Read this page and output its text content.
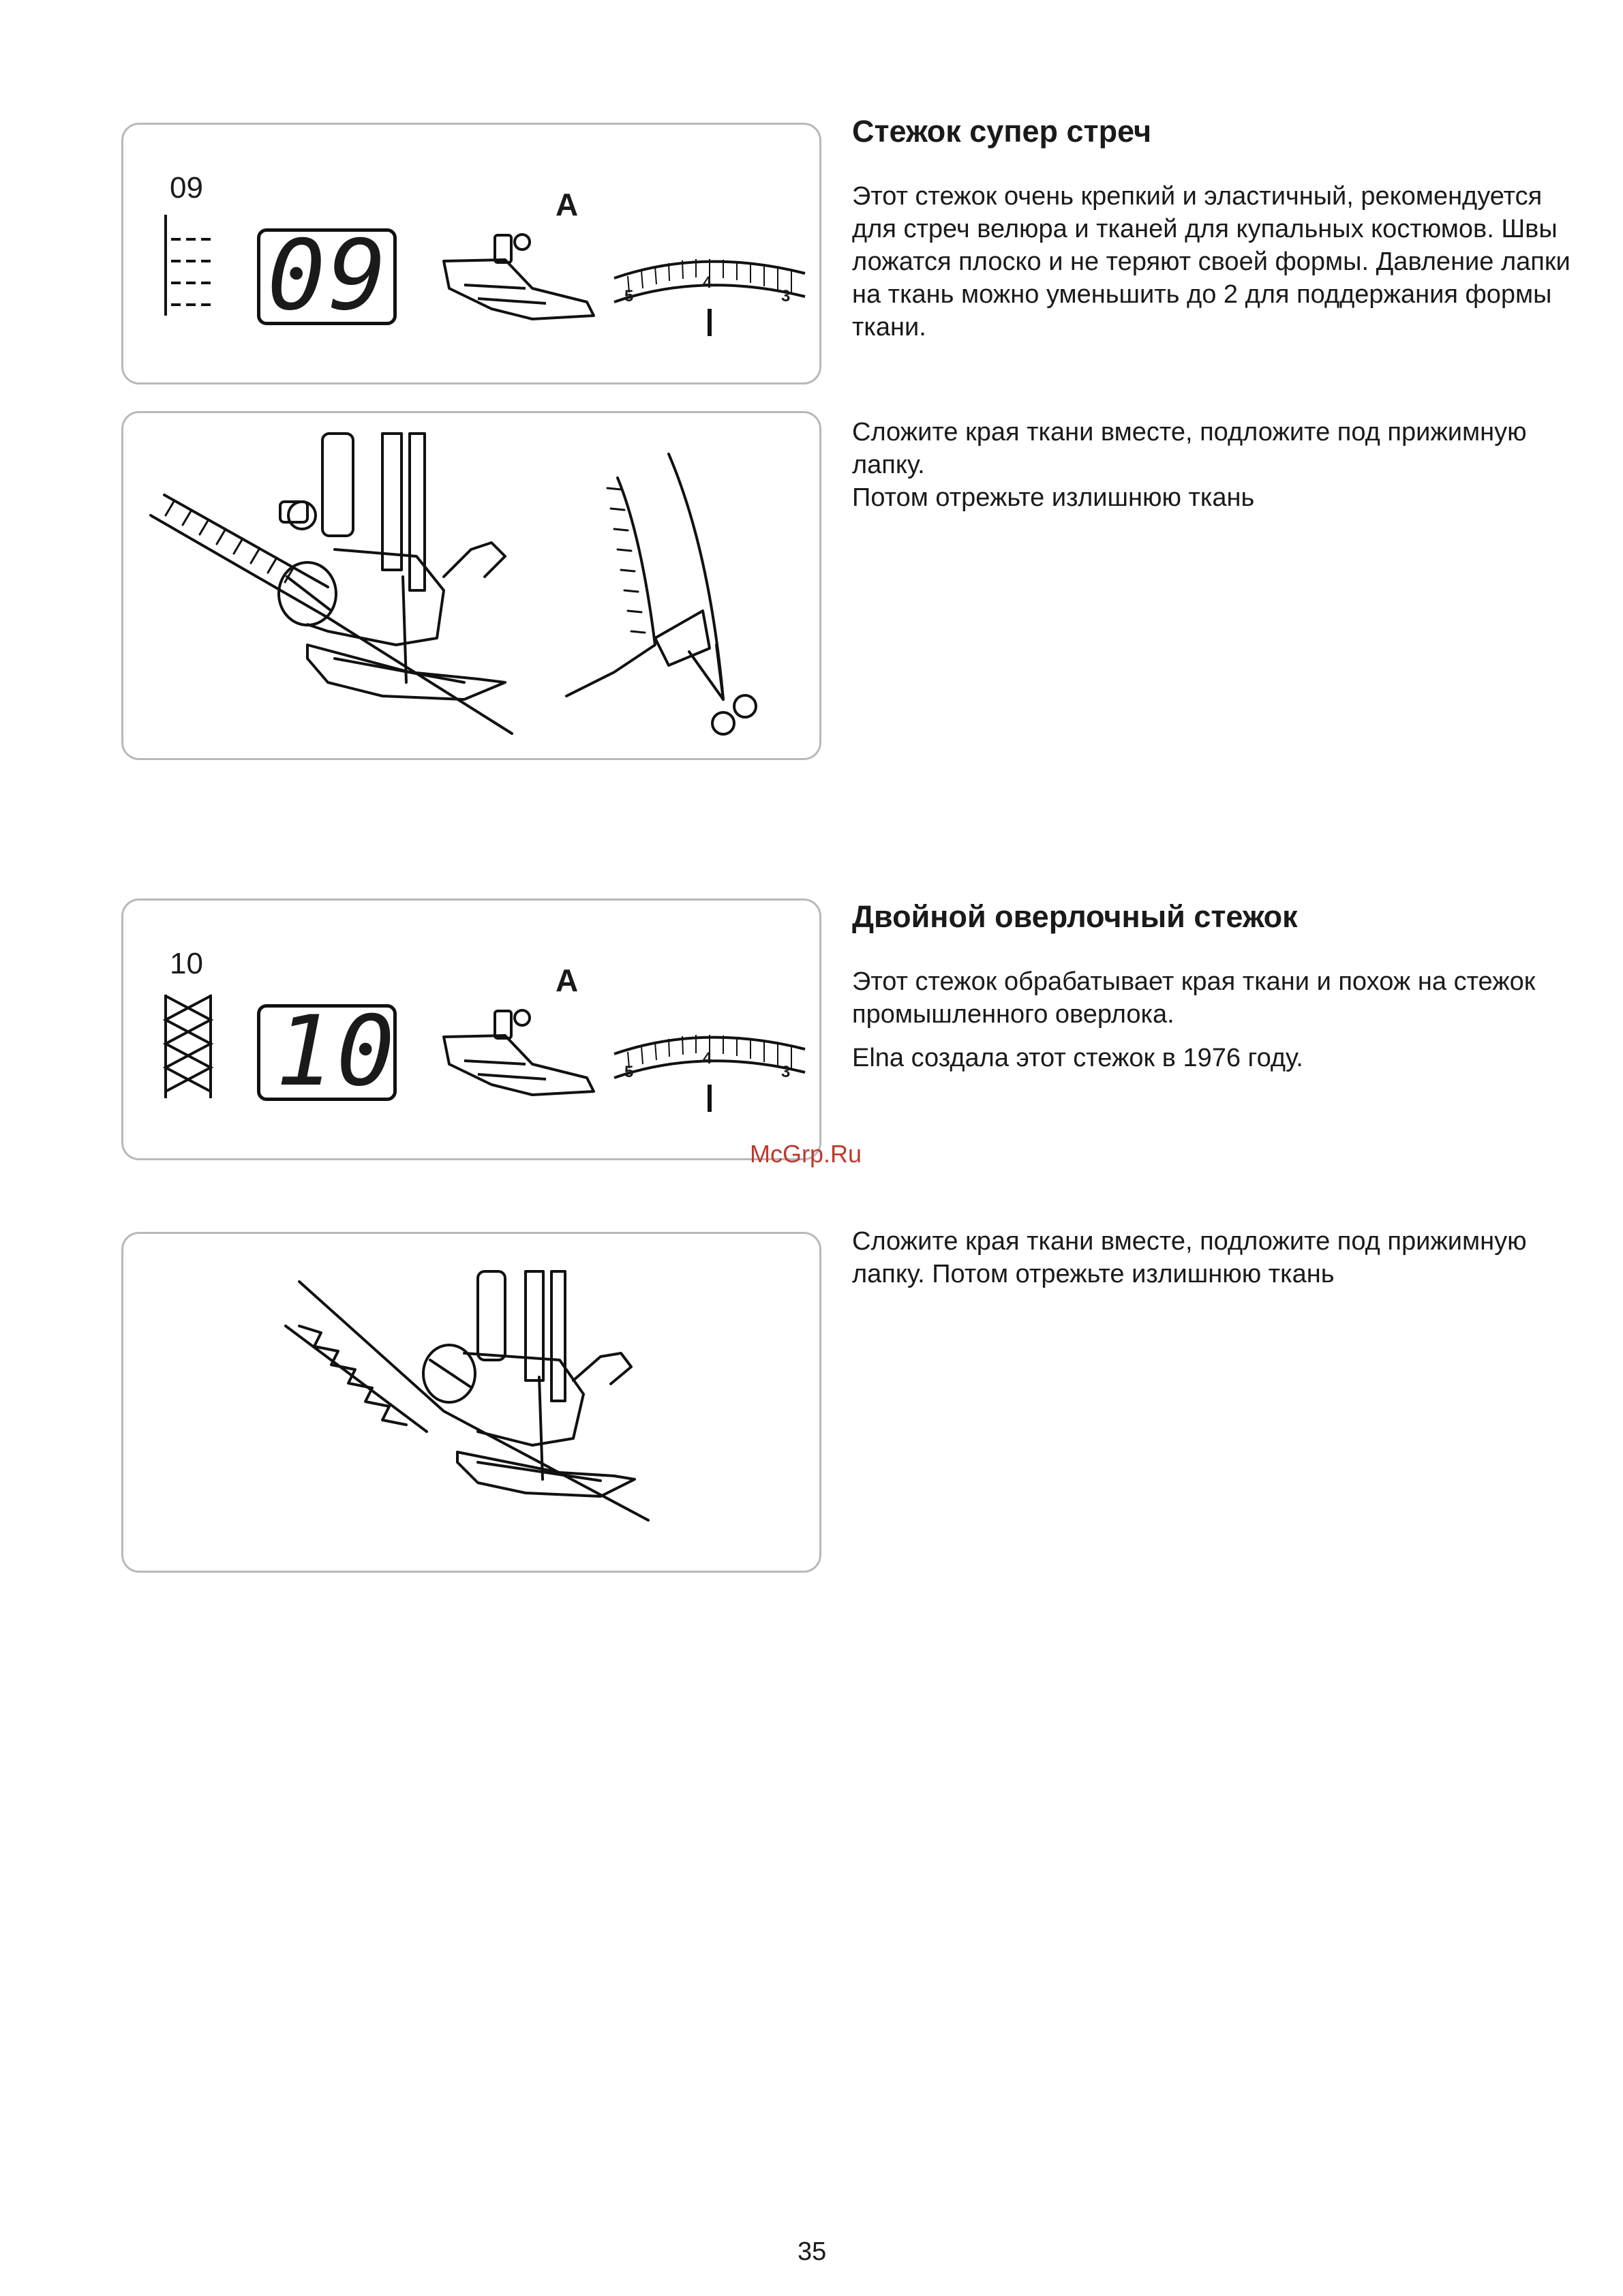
09
09
A
5
4
3
Стежок супер стреч

Этот стежок очень крепкий и эластичный, рекомендуется для стреч велюра и тканей для купальных костюмов. Швы ложатся плоско и не теряют своей формы. Давление лапки на ткань можно уменьшить до 2 для поддержания формы ткани.

Сложите края ткани вместе, подложите под прижимную лапку.

Потом отрежьте излишнюю ткань

10
10
A
5
4
3
Двойной оверлочный стежок

Этот стежок обрабатывает края ткани и похож на стежок промышленного оверлока.

Elna создала этот стежок в 1976 году.

Сложите края ткани вместе, подложите под прижимную лапку. Потом отрежьте излишнюю ткань

McGrp.Ru
35
